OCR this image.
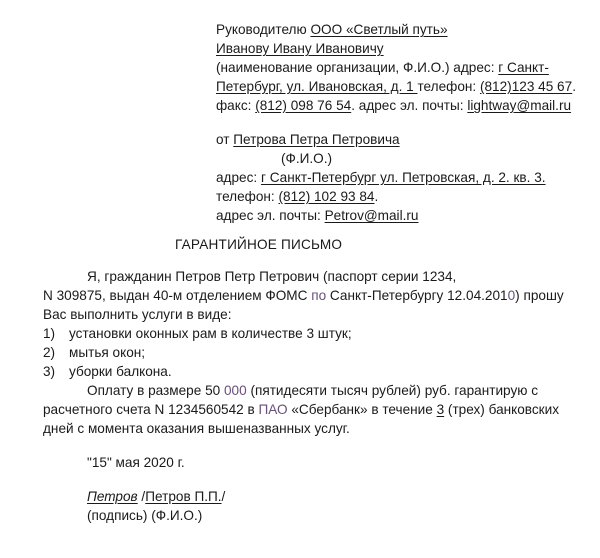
Руководителю ООО «Светлый путь»
Иванову Ивану Ивановичу
(наименование организации, Ф.И.О.) адрес: г Санкт-
Петербург, ул. Ивановская, д. 1 телефон: (812)123 45 67.
факс: (812) 098 76 54. адрес эл. почты: lightway@mail.ru
от Петрова Петра Петровича
(Ф.И.О.)
адрес: г Санкт-Петербург ул. Петровская, д. 2. кв. 3.
телефон: (812) 102 93 84.
адрес эл. почты: Petrov@mail.ru
ГАРАНТИЙНОЕ ПИСЬМО
Я, гражданин Петров Петр Петрович (паспорт серии 1234,
N 309875, выдан 40-м отделением ФОМС по Санкт-Петербургу 12.04.2010) прошу
Вас выполнить услуги в виде:
1) установки оконных рам в количестве 3 штук;
2) мытья окон;
3) уборки балкона.
Оплату в размере 50 000 (пятидесяти тысяч рублей) руб. гарантирую с
расчетного счета N 1234560542 в ПАО «Сбербанк» в течение 3 (трех) банковских
дней с момента оказания вышеназванных услуг.
"15" мая 2020 г.
Петров /Петров П.П./
(подпись) (Ф.И.О.)
